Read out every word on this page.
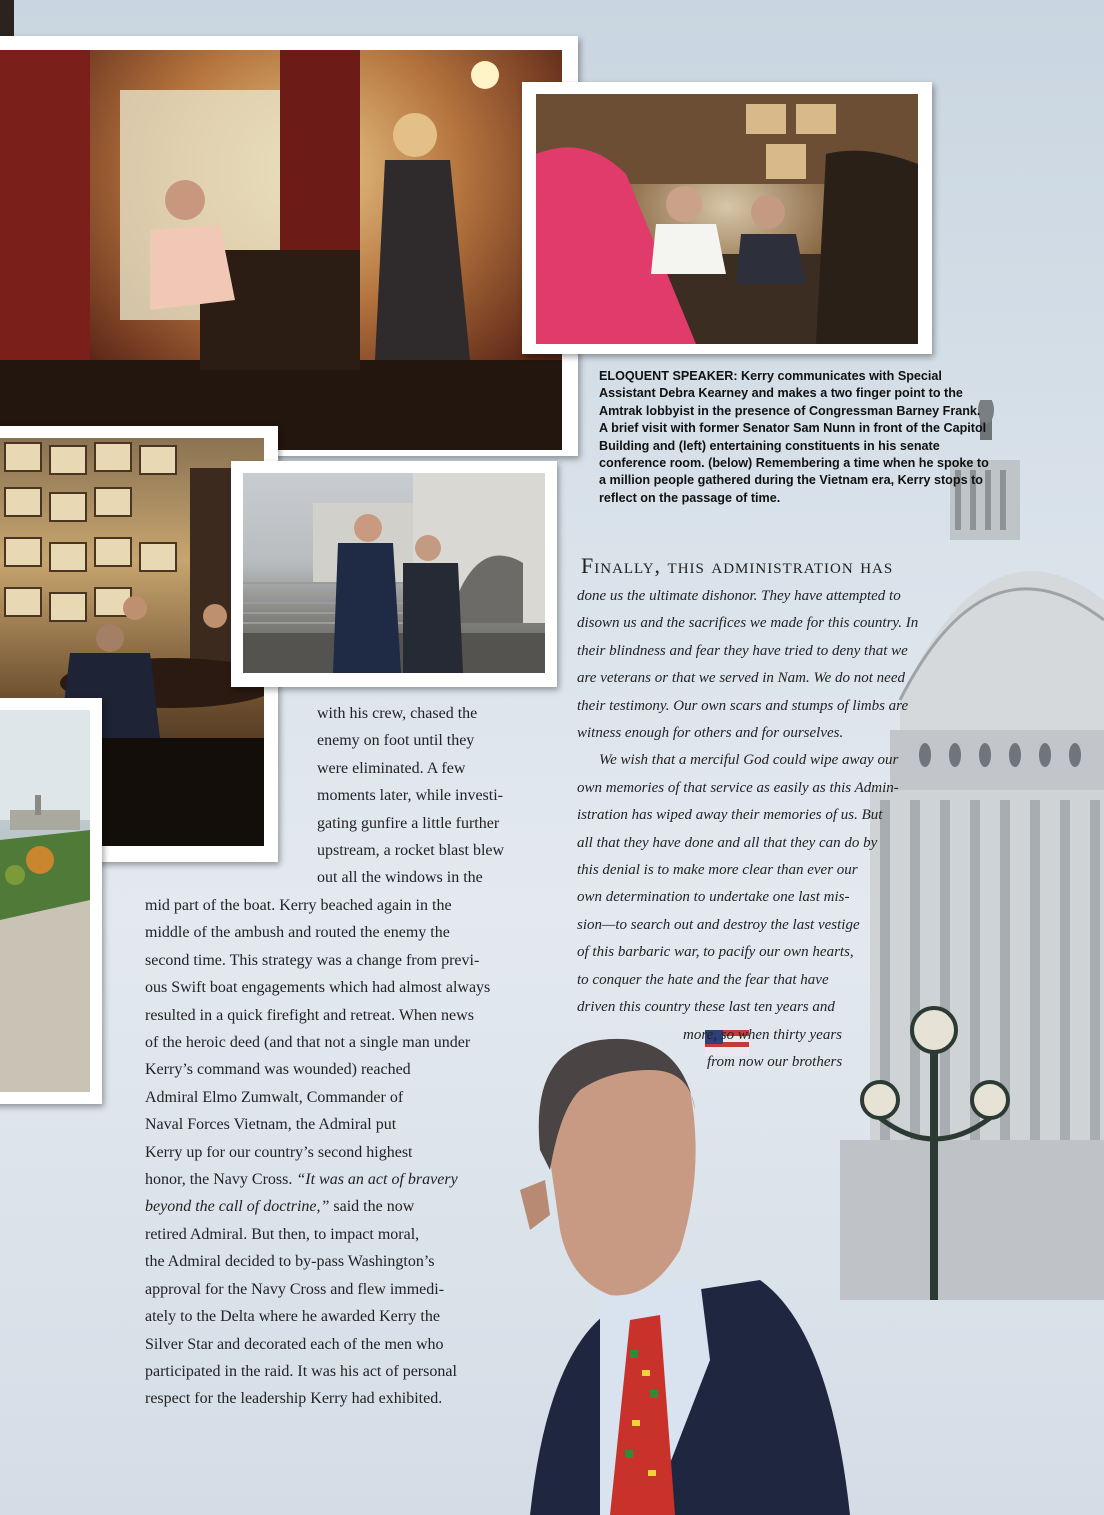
ELOQUENT SPEAKER: Kerry communicates with Special Assistant Debra Kearney and makes a two finger point to the Amtrak lobbyist in the presence of Congressman Barney Frank. A brief visit with former Senator Sam Nunn in front of the Capitol Building and (left) entertaining constituents in his senate conference room. (below) Remembering a time when he spoke to a million people gathered during the Vietnam era, Kerry stops to reflect on the passage of time.

with his crew, chased the

enemy on foot until they

were eliminated. A few

moments later, while investi-

gating gunfire a little further

upstream, a rocket blast blew

out all the windows in the

mid part of the boat. Kerry beached again in the

middle of the ambush and routed the enemy the

second time. This strategy was a change from previ-

ous Swift boat engagements which had almost always

resulted in a quick firefight and retreat. When news

of the heroic deed (and that not a single man under

Kerry’s command was wounded) reached

Admiral Elmo Zumwalt, Commander of

Naval Forces Vietnam, the Admiral put

Kerry up for our country’s second highest

honor, the Navy Cross. “It was an act of bravery

beyond the call of doctrine,” said the now

retired Admiral. But then, to impact moral,

the Admiral decided to by-pass Washington’s

approval for the Navy Cross and flew immedi-

ately to the Delta where he awarded Kerry the

Silver Star and decorated each of the men who

participated in the raid. It was his act of personal

respect for the leadership Kerry had exhibited.

Finally, this administration has

done us the ultimate dishonor. They have attempted to

disown us and the sacrifices we made for this country. In

their blindness and fear they have tried to deny that we

are veterans or that we served in Nam. We do not need

their testimony. Our own scars and stumps of limbs are

witness enough for others and for ourselves.

We wish that a merciful God could wipe away our

own memories of that service as easily as this Admin-

istration has wiped away their memories of us. But

all that they have done and all that they can do by

this denial is to make more clear than ever our

own determination to undertake one last mis-

sion—to search out and destroy the last vestige

of this barbaric war, to pacify our own hearts,

to conquer the hate and the fear that have

driven this country these last ten years and

more, so when thirty years

from now our brothers
